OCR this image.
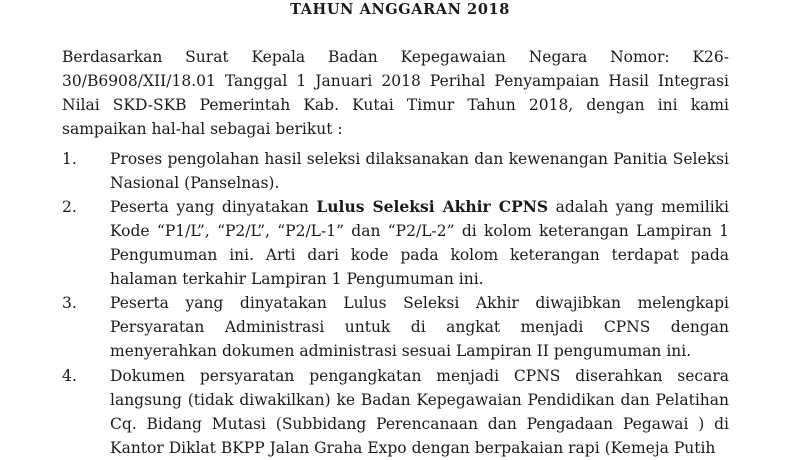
TAHUN ANGGARAN 2018

Berdasarkan Surat Kepala Badan Kepegawaian Negara Nomor: K26-30/B6908/XII/18.01 Tanggal 1 Januari 2018 Perihal Penyampaian Hasil Integrasi Nilai SKD-SKB Pemerintah Kab. Kutai Timur Tahun 2018, dengan ini kami sampaikan hal-hal sebagai berikut :

1. Proses pengolahan hasil seleksi dilaksanakan dan kewenangan Panitia Seleksi Nasional (Panselnas).
2. Peserta yang dinyatakan Lulus Seleksi Akhir CPNS adalah yang memiliki Kode “P1/L”, “P2/L”, “P2/L-1” dan “P2/L-2” di kolom keterangan Lampiran 1 Pengumuman ini. Arti dari kode pada kolom keterangan terdapat pada halaman terkahir Lampiran 1 Pengumuman ini.
3. Peserta yang dinyatakan Lulus Seleksi Akhir diwajibkan melengkapi Persyaratan Administrasi untuk di angkat menjadi CPNS dengan menyerahkan dokumen administrasi sesuai Lampiran II pengumuman ini.
4. Dokumen persyaratan pengangkatan menjadi CPNS diserahkan secara langsung (tidak diwakilkan) ke Badan Kepegawaian Pendidikan dan Pelatihan Cq. Bidang Mutasi (Subbidang Perencanaan dan Pengadaan Pegawai ) di Kantor Diklat BKPP Jalan Graha Expo dengan berpakaian rapi (Kemeja Putih
